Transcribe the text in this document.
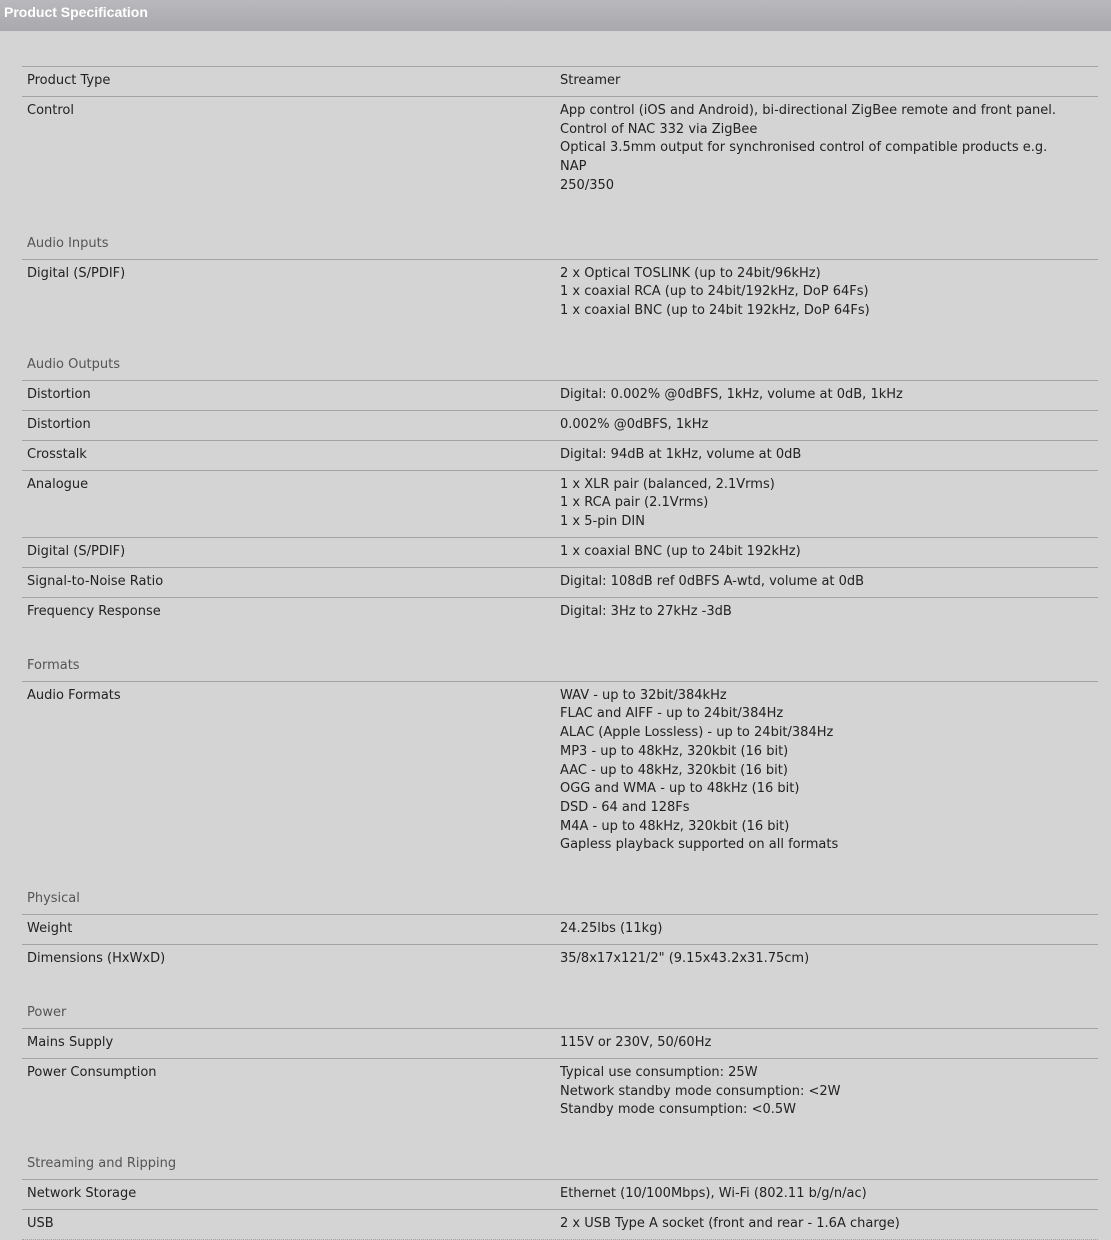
Product Specification
Product Type	Streamer
Control	App control (iOS and Android), bi-directional ZigBee remote and front panel.
Control of NAC 332 via ZigBee
Optical 3.5mm output for synchronised control of compatible products e.g.
NAP
250/350
Audio Inputs
Digital (S/PDIF)	2 x Optical TOSLINK (up to 24bit/96kHz)
1 x coaxial RCA (up to 24bit/192kHz, DoP 64Fs)
1 x coaxial BNC (up to 24bit 192kHz, DoP 64Fs)
Audio Outputs
Distortion	Digital: 0.002% @0dBFS, 1kHz, volume at 0dB, 1kHz
Distortion	0.002% @0dBFS, 1kHz
Crosstalk	Digital: 94dB at 1kHz, volume at 0dB
Analogue	1 x XLR pair (balanced, 2.1Vrms)
1 x RCA pair (2.1Vrms)
1 x 5-pin DIN
Digital (S/PDIF)	1 x coaxial BNC (up to 24bit 192kHz)
Signal-to-Noise Ratio	Digital: 108dB ref 0dBFS A-wtd, volume at 0dB
Frequency Response	Digital: 3Hz to 27kHz -3dB
Formats
Audio Formats	WAV - up to 32bit/384kHz
FLAC and AIFF - up to 24bit/384Hz
ALAC (Apple Lossless) - up to 24bit/384Hz
MP3 - up to 48kHz, 320kbit (16 bit)
AAC - up to 48kHz, 320kbit (16 bit)
OGG and WMA - up to 48kHz (16 bit)
DSD - 64 and 128Fs
M4A - up to 48kHz, 320kbit (16 bit)
Gapless playback supported on all formats
Physical
Weight	24.25lbs (11kg)
Dimensions (HxWxD)	35/8x17x121/2" (9.15x43.2x31.75cm)
Power
Mains Supply	115V or 230V, 50/60Hz
Power Consumption	Typical use consumption: 25W
Network standby mode consumption: <2W
Standby mode consumption: <0.5W
Streaming and Ripping
Network Storage	Ethernet (10/100Mbps), Wi-Fi (802.11 b/g/n/ac)
USB	2 x USB Type A socket (front and rear - 1.6A charge)
